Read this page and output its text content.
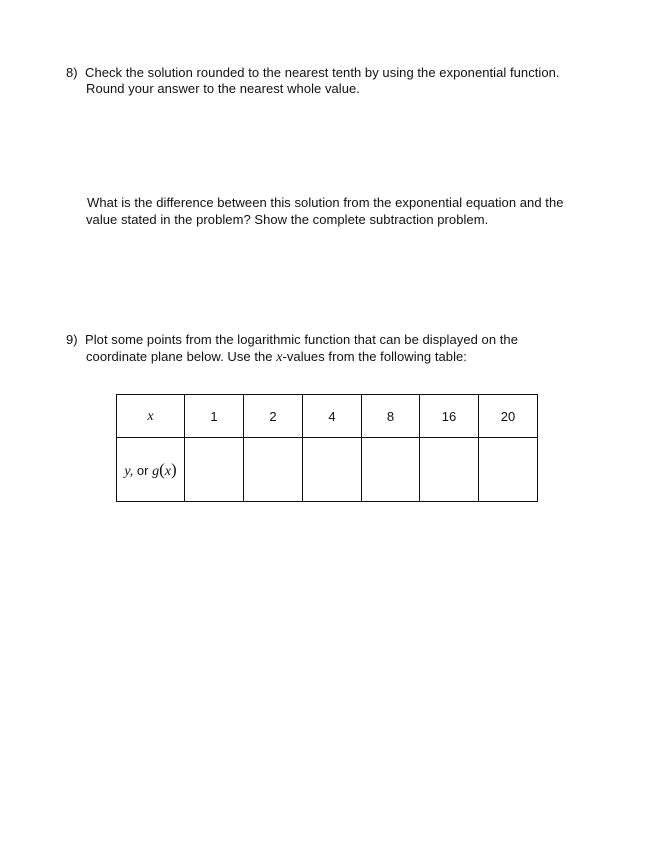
8) Check the solution rounded to the nearest tenth by using the exponential function.
Round your answer to the nearest whole value.
What is the difference between this solution from the exponential equation and the
value stated in the problem? Show the complete subtraction problem.
9) Plot some points from the logarithmic function that can be displayed on the
coordinate plane below. Use the x-values from the following table:
x	1	2	4	8	16	20
y, or g(x)						
